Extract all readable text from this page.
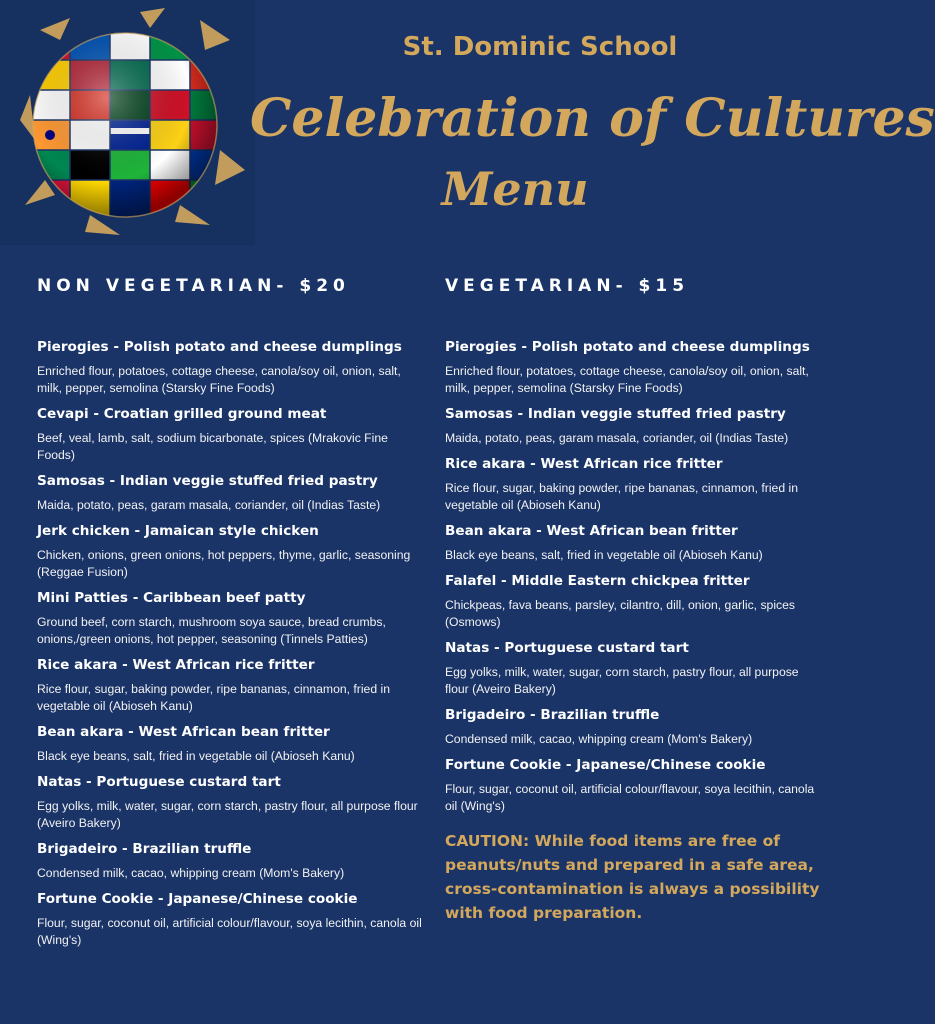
St. Dominic School
Celebration of Cultures
Menu
NON VEGETARIAN- $20
Pierogies - Polish potato and cheese dumplings
Enriched flour, potatoes, cottage cheese, canola/soy oil, onion, salt, milk, pepper, semolina (Starsky Fine Foods)
Cevapi - Croatian grilled ground meat
Beef, veal, lamb, salt, sodium bicarbonate, spices (Mrakovic Fine Foods)
Samosas - Indian veggie stuffed fried pastry
Maida, potato, peas, garam masala, coriander, oil (Indias Taste)
Jerk chicken - Jamaican style chicken
Chicken, onions, green onions, hot peppers, thyme, garlic, seasoning (Reggae Fusion)
Mini Patties - Caribbean beef patty
Ground beef, corn starch, mushroom soya sauce, bread crumbs, onions,/green onions, hot pepper, seasoning (Tinnels Patties)
Rice akara - West African rice fritter
Rice flour, sugar, baking powder, ripe bananas, cinnamon, fried in vegetable oil (Abioseh Kanu)
Bean akara - West African bean fritter
Black eye beans, salt, fried in vegetable oil (Abioseh Kanu)
Natas - Portuguese custard tart
Egg yolks, milk, water, sugar, corn starch, pastry flour, all purpose flour (Aveiro Bakery)
Brigadeiro - Brazilian truffle
Condensed milk, cacao, whipping cream (Mom's Bakery)
Fortune Cookie - Japanese/Chinese cookie
Flour, sugar, coconut oil, artificial colour/flavour, soya lecithin, canola oil (Wing's)
VEGETARIAN- $15
Pierogies - Polish potato and cheese dumplings
Enriched flour, potatoes, cottage cheese, canola/soy oil, onion, salt, milk, pepper, semolina (Starsky Fine Foods)
Samosas - Indian veggie stuffed fried pastry
Maida, potato, peas, garam masala, coriander, oil (Indias Taste)
Rice akara - West African rice fritter
Rice flour, sugar, baking powder, ripe bananas, cinnamon, fried in vegetable oil (Abioseh Kanu)
Bean akara - West African bean fritter
Black eye beans, salt, fried in vegetable oil (Abioseh Kanu)
Falafel - Middle Eastern chickpea fritter
Chickpeas, fava beans, parsley, cilantro, dill, onion, garlic, spices (Osmows)
Natas - Portuguese custard tart
Egg yolks, milk, water, sugar, corn starch, pastry flour, all purpose flour (Aveiro Bakery)
Brigadeiro - Brazilian truffle
Condensed milk, cacao, whipping cream (Mom's Bakery)
Fortune Cookie - Japanese/Chinese cookie
Flour, sugar, coconut oil, artificial colour/flavour, soya lecithin, canola oil (Wing's)
CAUTION: While food items are free of peanuts/nuts and prepared in a safe area, cross-contamination is always a possibility with food preparation.
